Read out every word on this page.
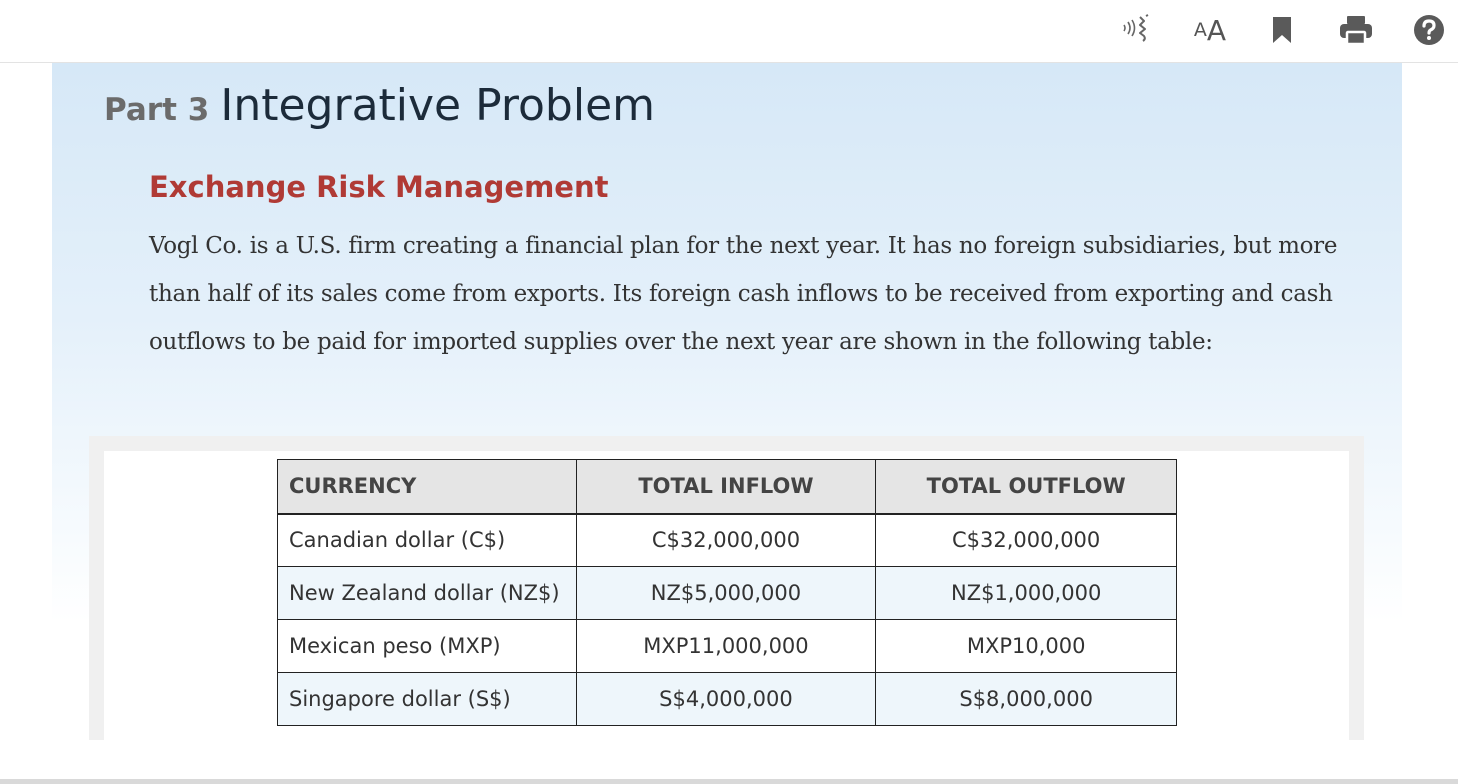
A A
Part 3 Integrative Problem
Exchange Risk Management

Vogl Co. is a U.S. firm creating a financial plan for the next year. It has no foreign subsidiaries, but more than half of its sales come from exports. Its foreign cash inflows to be received from exporting and cash outflows to be paid for imported supplies over the next year are shown in the following table:

CURRENCY	TOTAL INFLOW	TOTAL OUTFLOW
Canadian dollar (C$)	C$32,000,000	C$32,000,000
New Zealand dollar (NZ$)	NZ$5,000,000	NZ$1,000,000
Mexican peso (MXP)	MXP11,000,000	MXP10,000
Singapore dollar (S$)	S$4,000,000	S$8,000,000
